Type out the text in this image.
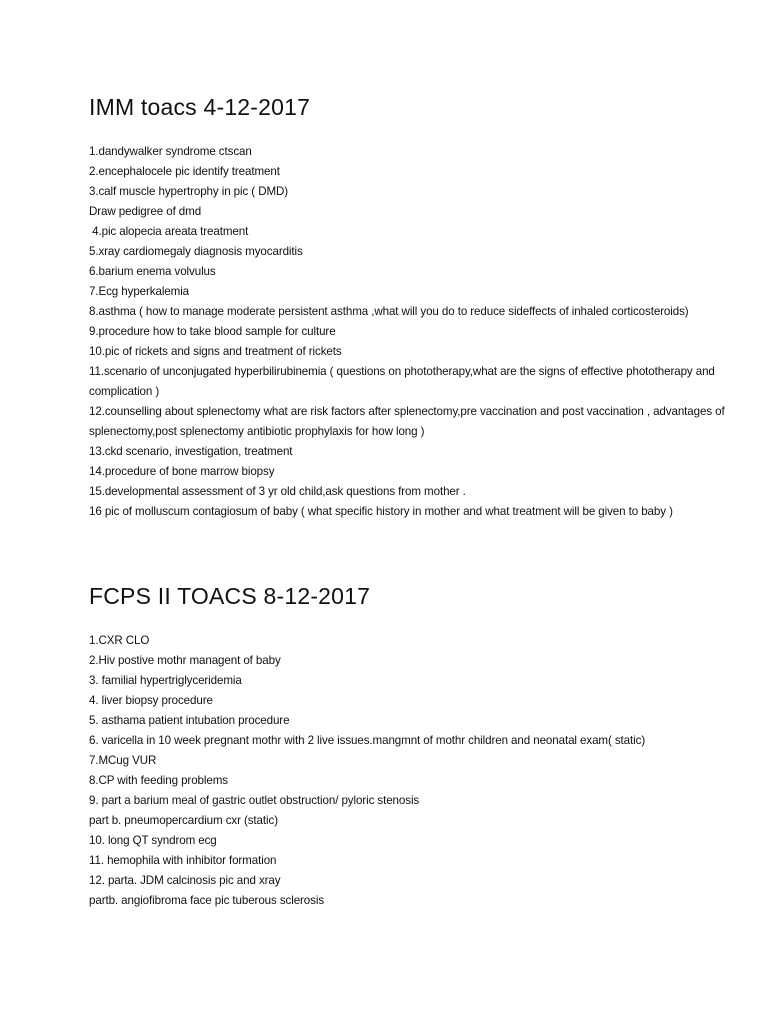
IMM toacs 4-12-2017
1.dandywalker syndrome ctscan
2.encephalocele pic identify treatment
3.calf muscle hypertrophy in pic ( DMD)
Draw pedigree of dmd
4.pic alopecia areata treatment
5.xray cardiomegaly diagnosis myocarditis
6.barium enema volvulus
7.Ecg hyperkalemia
8.asthma ( how to manage moderate persistent asthma ,what will you do to reduce sideffects of inhaled corticosteroids)
9.procedure how to take blood sample for culture
10.pic of rickets and signs and treatment of rickets
11.scenario of unconjugated hyperbilirubinemia ( questions on phototherapy,what are the signs of effective phototherapy and complication )
12.counselling about splenectomy what are risk factors after splenectomy,pre vaccination and post vaccination , advantages of splenectomy,post splenectomy antibiotic prophylaxis for how long )
13.ckd scenario, investigation, treatment
14.procedure of bone marrow biopsy
15.developmental assessment of 3 yr old child,ask questions from mother .
16 pic of molluscum contagiosum of baby ( what specific history in mother and what treatment will be given to baby )
FCPS II TOACS 8-12-2017
1.CXR CLO
2.Hiv postive mothr managent of baby
3. familial hypertriglyceridemia
4. liver biopsy procedure
5. asthama patient intubation procedure
6. varicella in 10 week pregnant mothr with 2 live issues.mangmnt of mothr children and neonatal exam( static)
7.MCug VUR
8.CP with feeding problems
9. part a barium meal of gastric outlet obstruction/ pyloric stenosis
part b. pneumopercardium cxr (static)
10. long QT syndrom ecg
11. hemophila with inhibitor formation
12. parta. JDM calcinosis pic and xray
partb. angiofibroma face pic tuberous sclerosis
